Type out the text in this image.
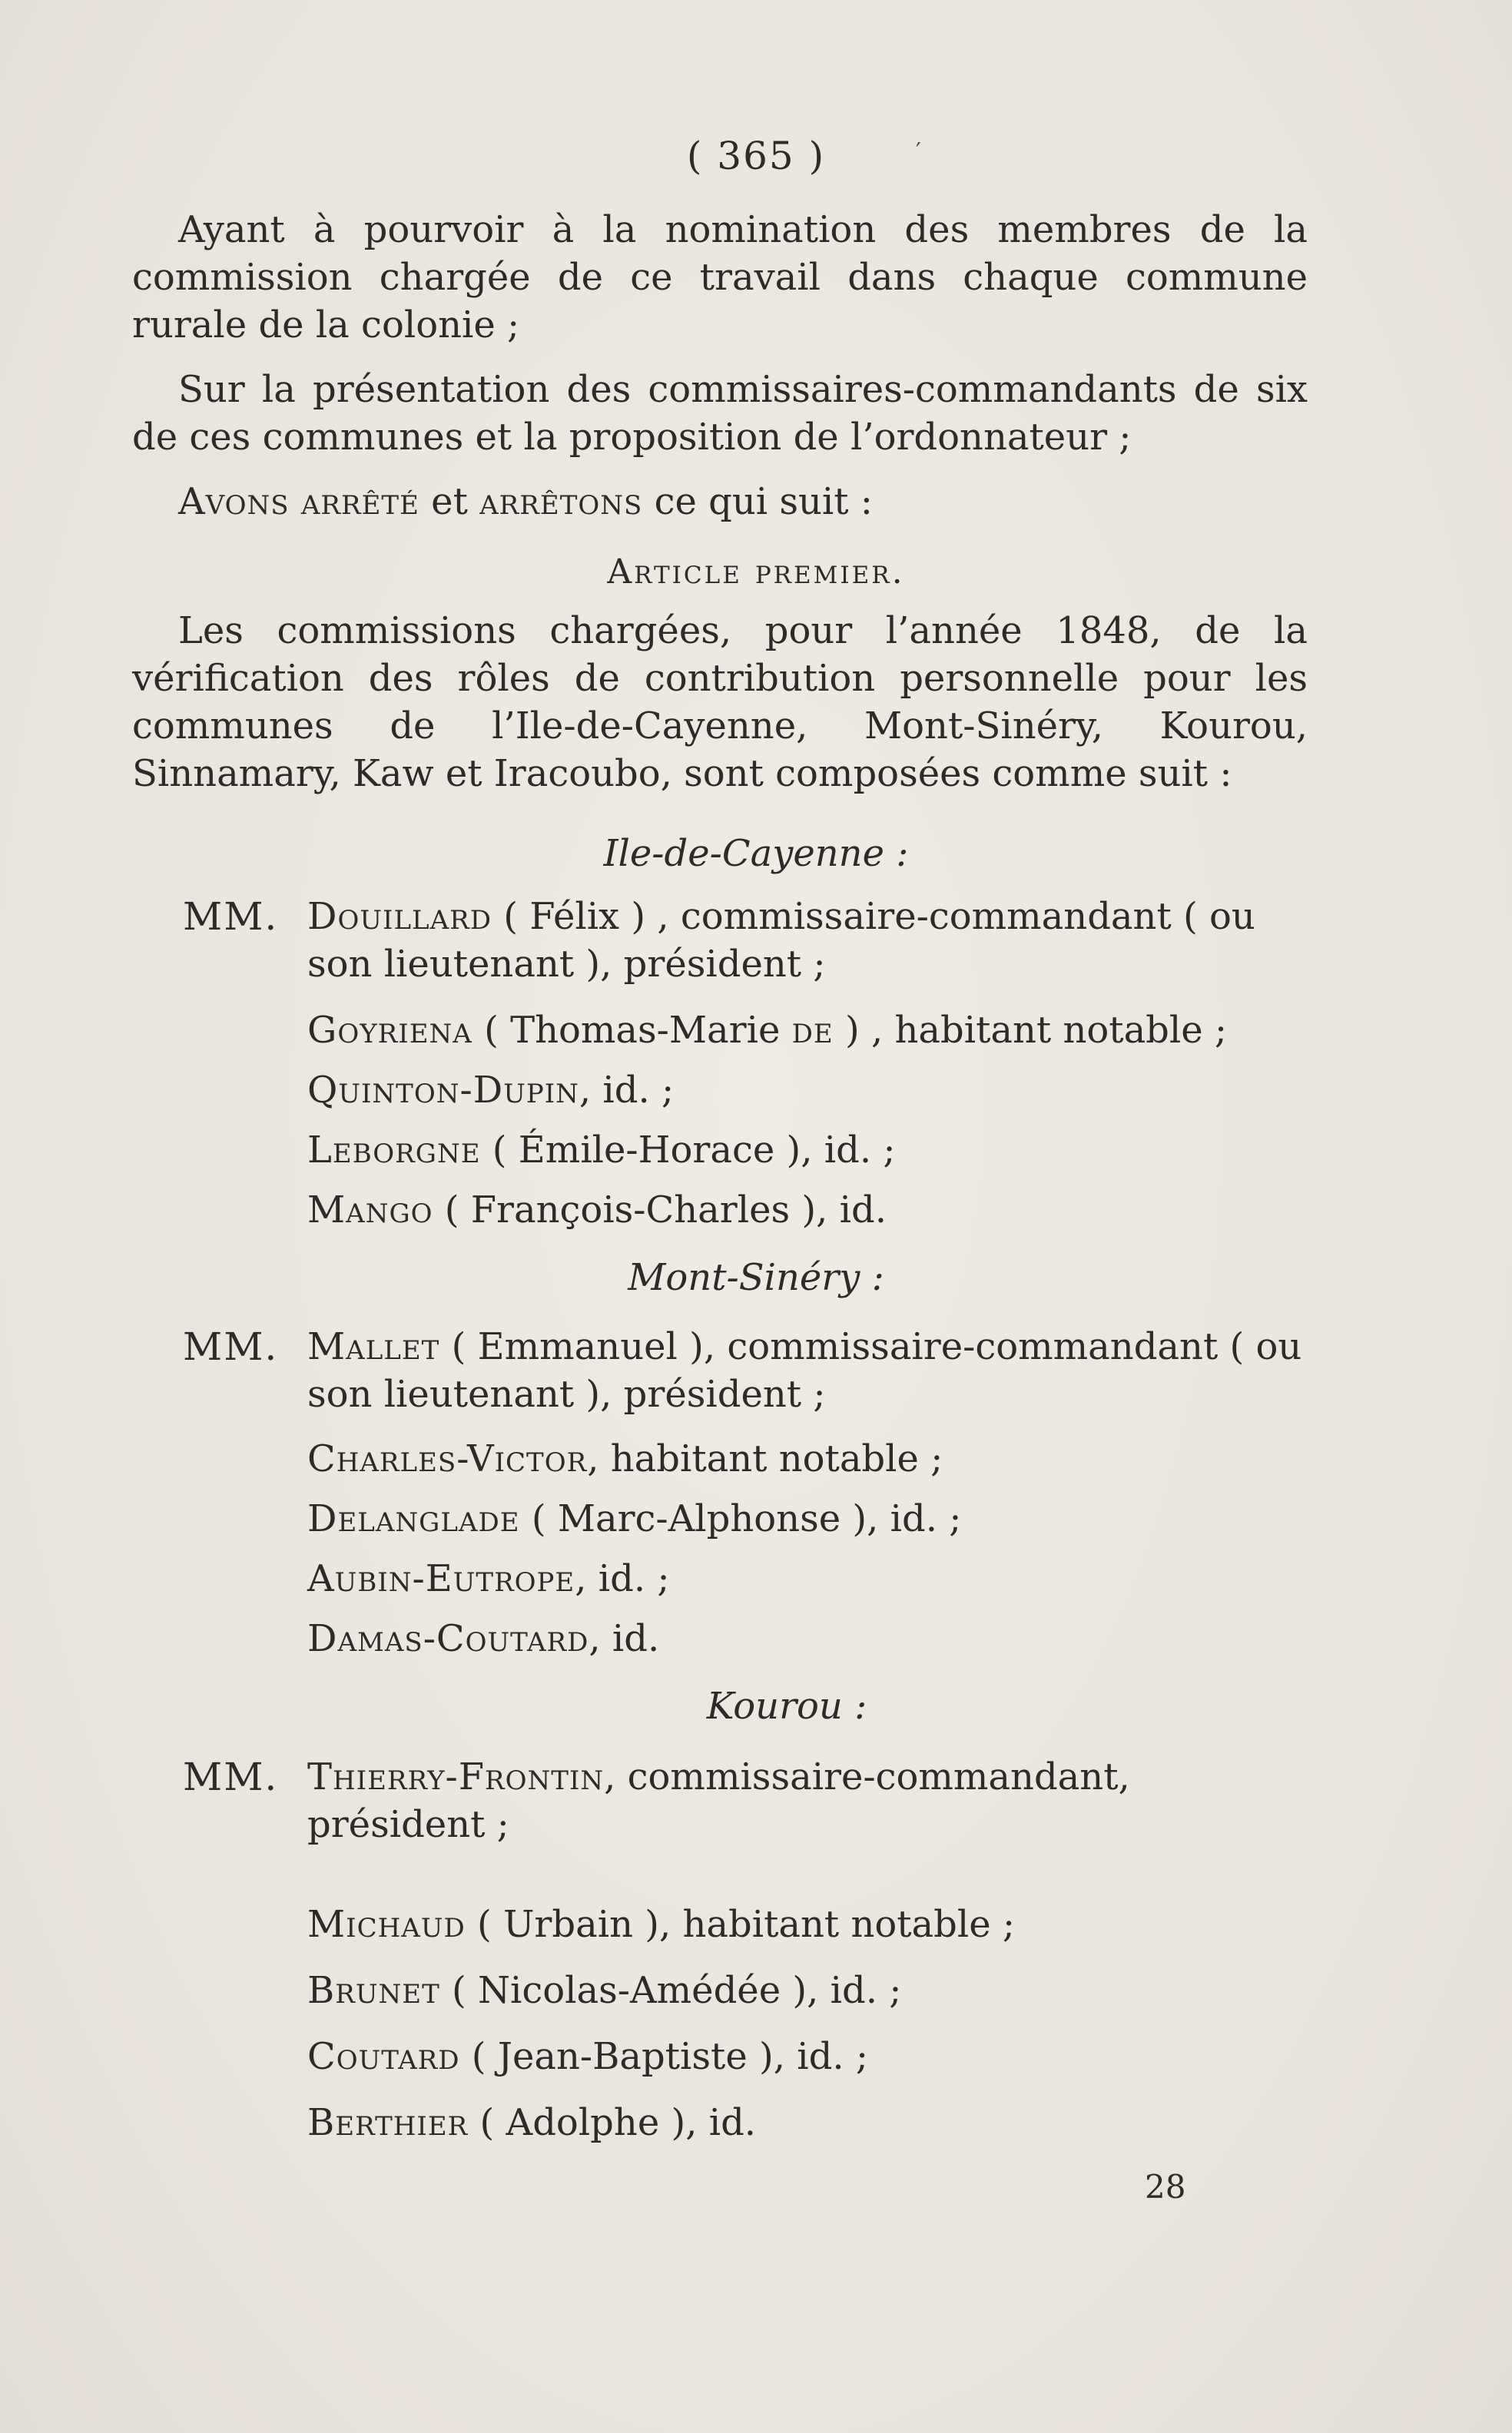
( 365 )	′
Ayant à pourvoir à la nomination des membres de la commission chargée de ce travail dans chaque commune rurale de la colonie ;
Sur la présentation des commissaires-commandants de six de ces communes et la proposition de l’ordonnateur ;
Avons arrêté et arrêtons ce qui suit :
Article premier.
Les commissions chargées, pour l’année 1848, de la vérification des rôles de contribution personnelle pour les communes de l’Ile-de-Cayenne, Mont-Sinéry, Kourou, Sinnamary, Kaw et Iracoubo, sont composées comme suit :
Ile-de-Cayenne :
MM. Douillard ( Félix ) , commissaire-commandant ( ou son lieutenant ), président ;
Goyriena ( Thomas-Marie de ) , habitant notable ;
Quinton-Dupin, id. ;
Leborgne ( Émile-Horace ), id. ;
Mango ( François-Charles ), id.
Mont-Sinéry :
MM. Mallet ( Emmanuel ), commissaire-commandant ( ou son lieutenant ), président ;
Charles-Victor, habitant notable ;
Delanglade ( Marc-Alphonse ), id. ;
Aubin-Eutrope, id. ;
Damas-Coutard, id.
Kourou :
MM. Thierry-Frontin, commissaire-commandant, président ;
Michaud ( Urbain ), habitant notable ;
Brunet ( Nicolas-Amédée ), id. ;
Coutard ( Jean-Baptiste ), id. ;
Berthier ( Adolphe ), id.
28
